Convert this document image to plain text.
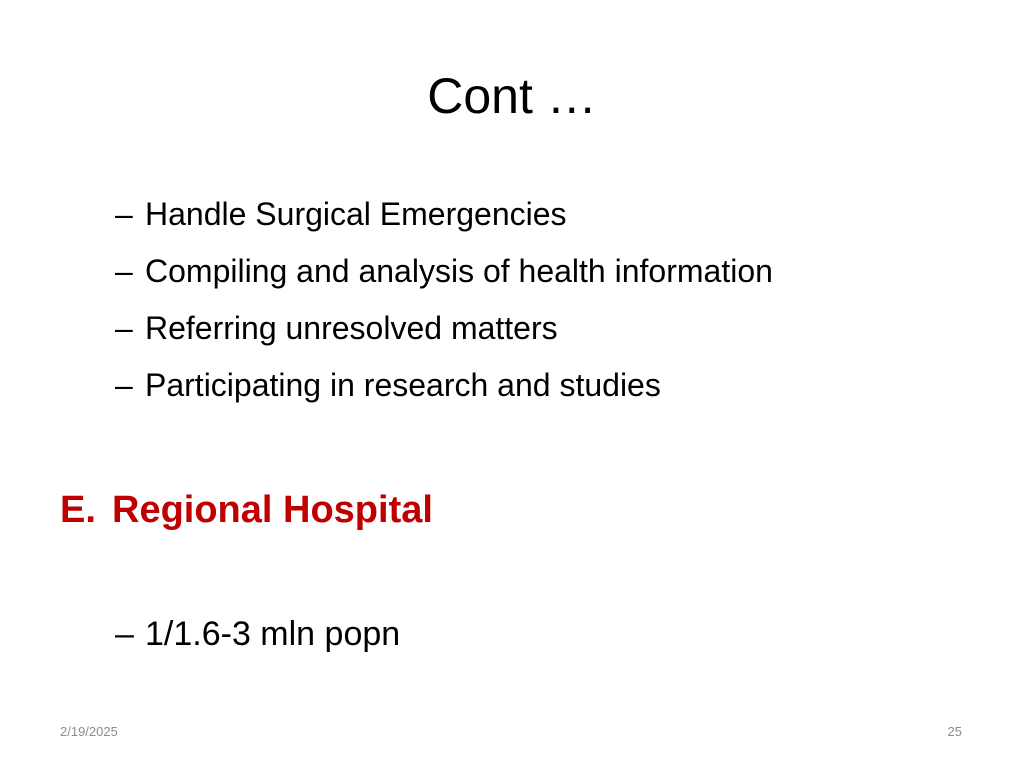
Cont …
– Handle Surgical Emergencies
– Compiling and analysis of health information
– Referring unresolved matters
– Participating in research and studies
E. Regional Hospital
– 1/1.6-3 mln popn
2/19/2025	25
